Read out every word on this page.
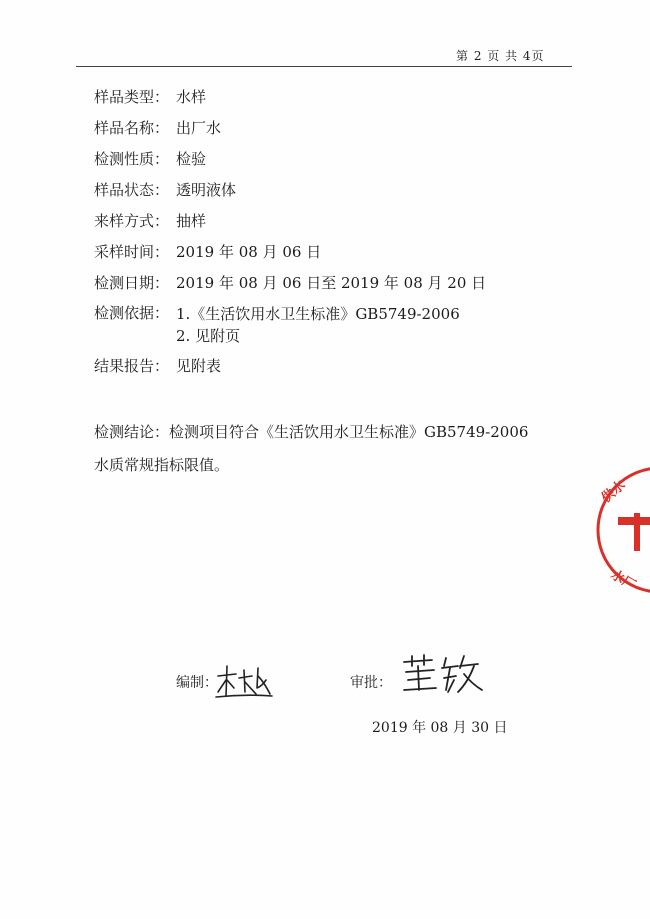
第 2 页 共 4页
样品类型： 水样
样品名称： 出厂水
检测性质： 检验
样品状态： 透明液体
来样方式： 抽样
采样时间： 2019 年 08 月 06 日
检测日期： 2019 年 08 月 06 日至 2019 年 08 月 20 日
检测依据： 1.《生活饮用水卫生标准》GB5749-2006
2. 见附页
结果报告： 见附表
检测结论：检测项目符合《生活饮用水卫生标准》GB5749-2006
水质常规指标限值。
编制：	审批：
2019 年 08 月 30 日
供水
水厂
